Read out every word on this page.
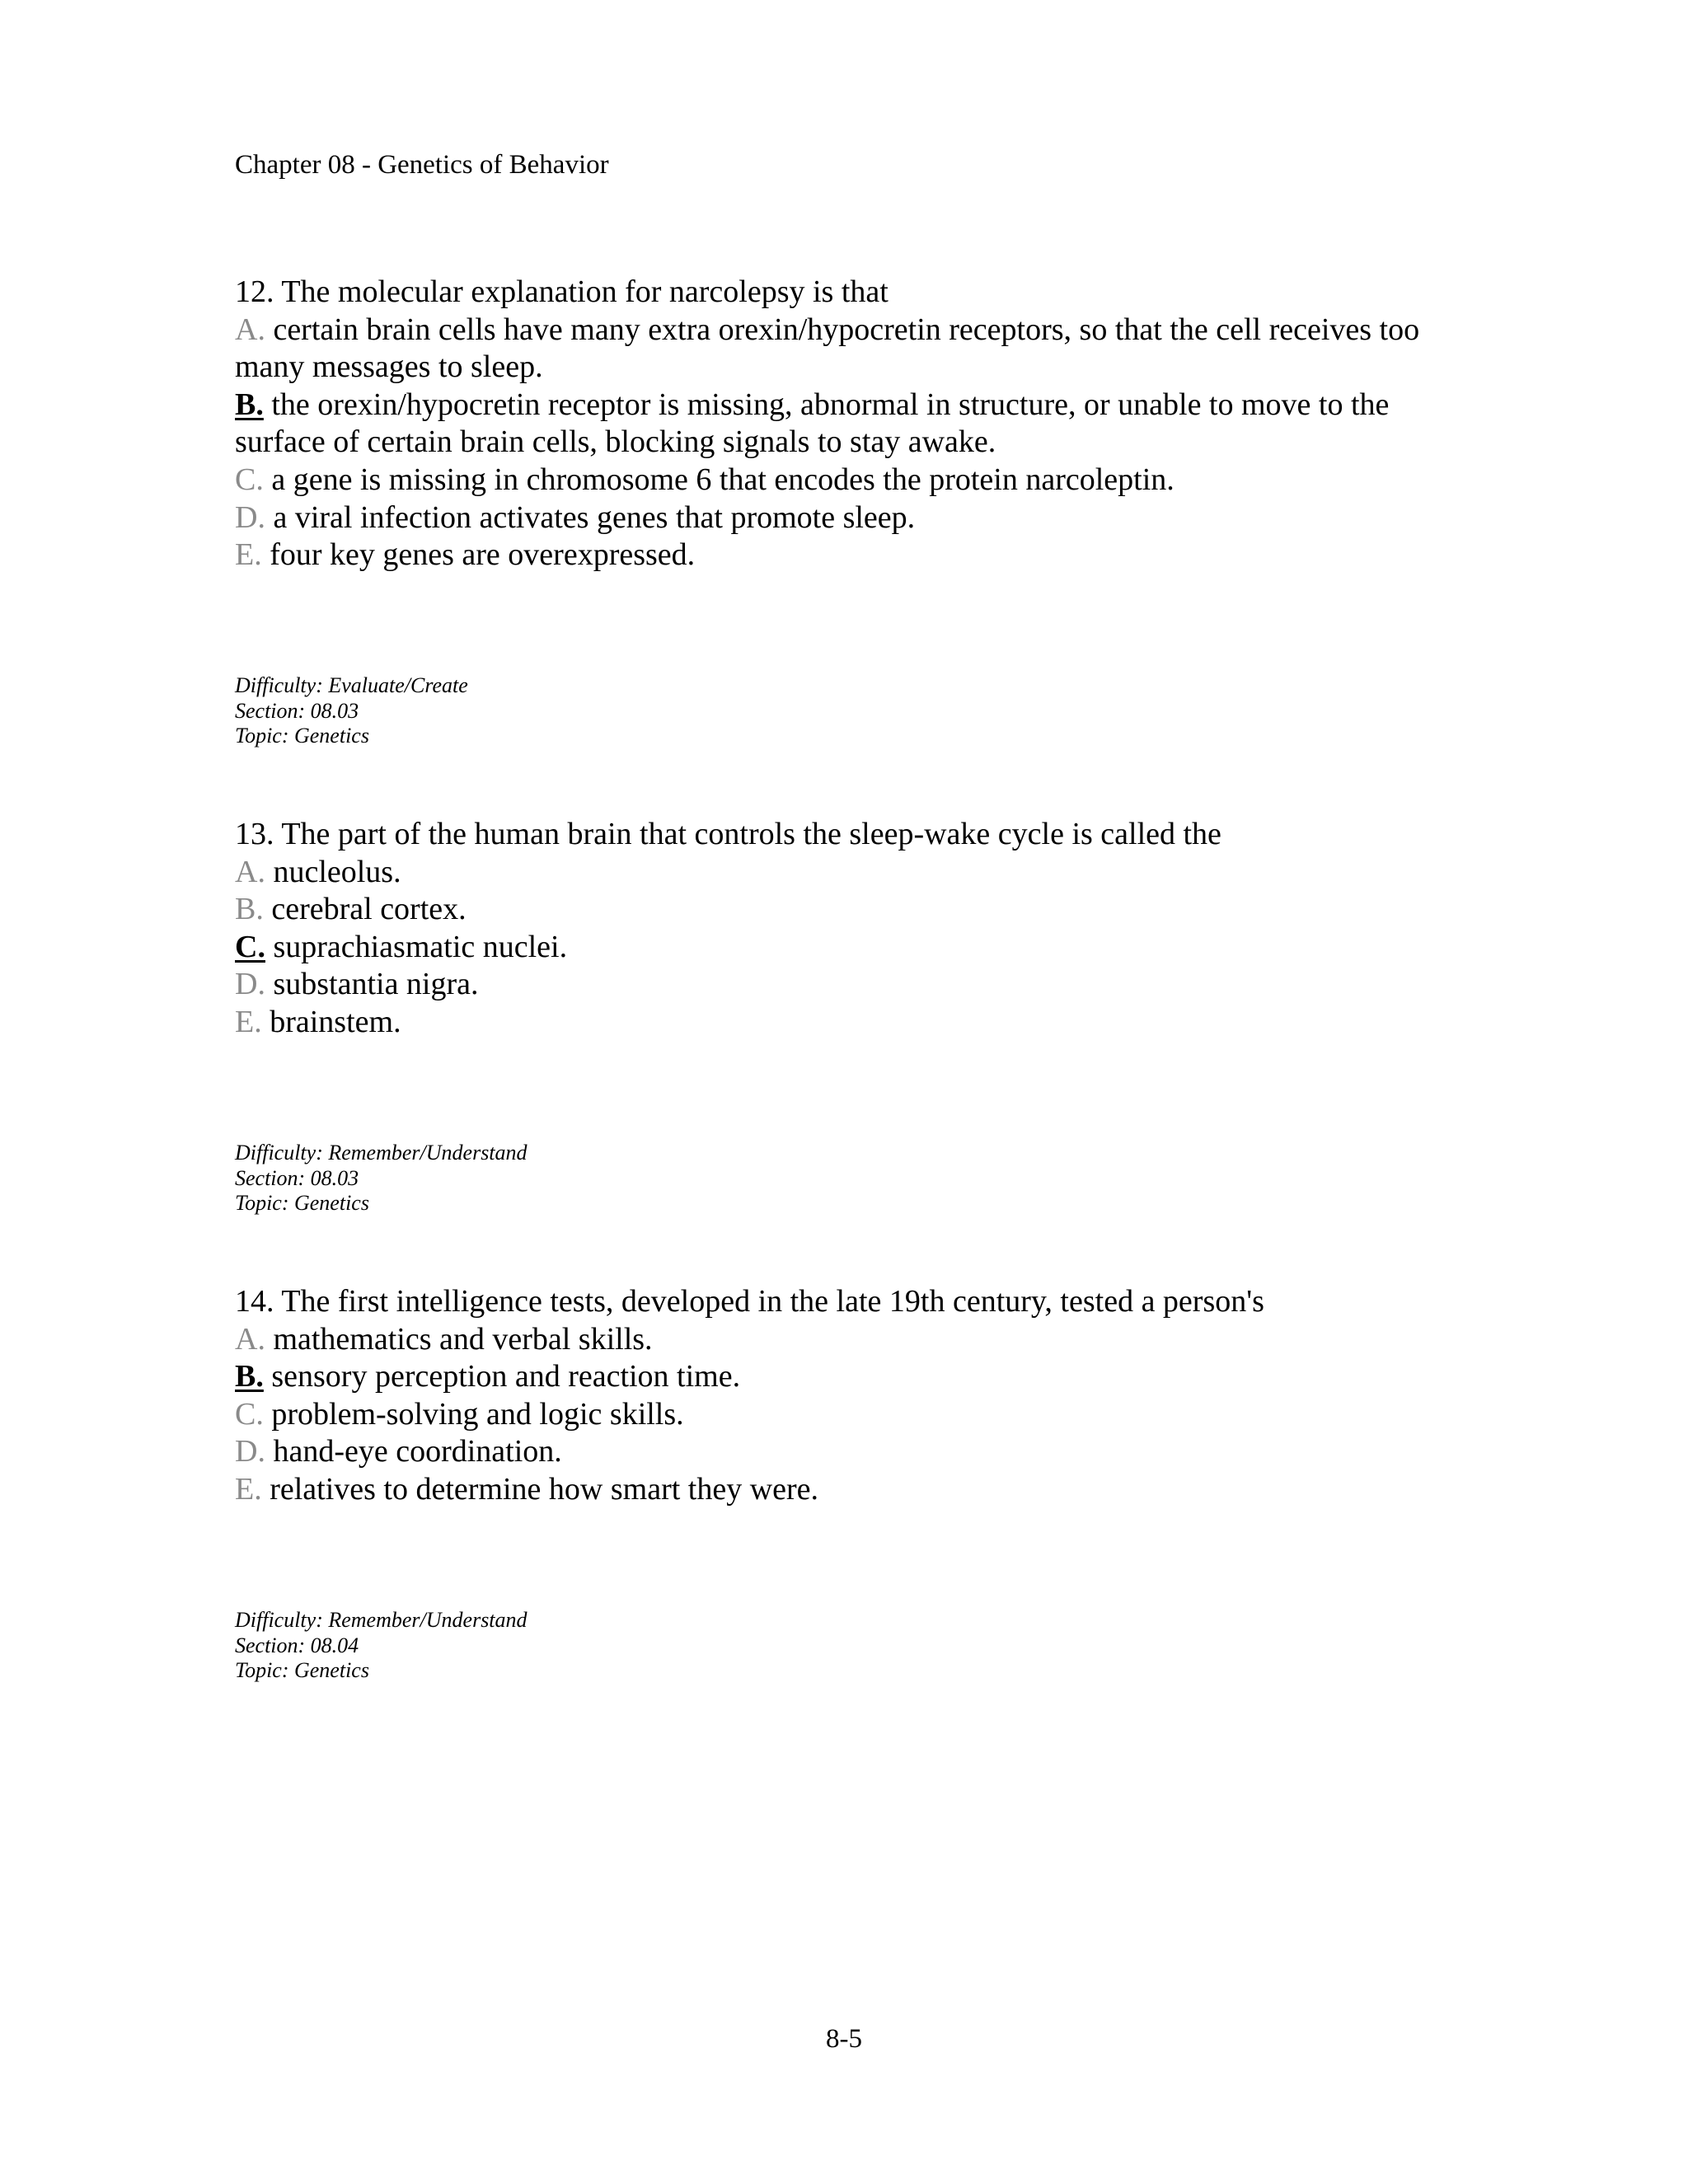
Chapter 08 - Genetics of Behavior
12. The molecular explanation for narcolepsy is that
A. certain brain cells have many extra orexin/hypocretin receptors, so that the cell receives too many messages to sleep.
B. the orexin/hypocretin receptor is missing, abnormal in structure, or unable to move to the surface of certain brain cells, blocking signals to stay awake.
C. a gene is missing in chromosome 6 that encodes the protein narcoleptin.
D. a viral infection activates genes that promote sleep.
E. four key genes are overexpressed.
Difficulty: Evaluate/Create
Section: 08.03
Topic: Genetics
13. The part of the human brain that controls the sleep-wake cycle is called the
A. nucleolus.
B. cerebral cortex.
C. suprachiasmatic nuclei.
D. substantia nigra.
E. brainstem.
Difficulty: Remember/Understand
Section: 08.03
Topic: Genetics
14. The first intelligence tests, developed in the late 19th century, tested a person's
A. mathematics and verbal skills.
B. sensory perception and reaction time.
C. problem-solving and logic skills.
D. hand-eye coordination.
E. relatives to determine how smart they were.
Difficulty: Remember/Understand
Section: 08.04
Topic: Genetics
8-5
